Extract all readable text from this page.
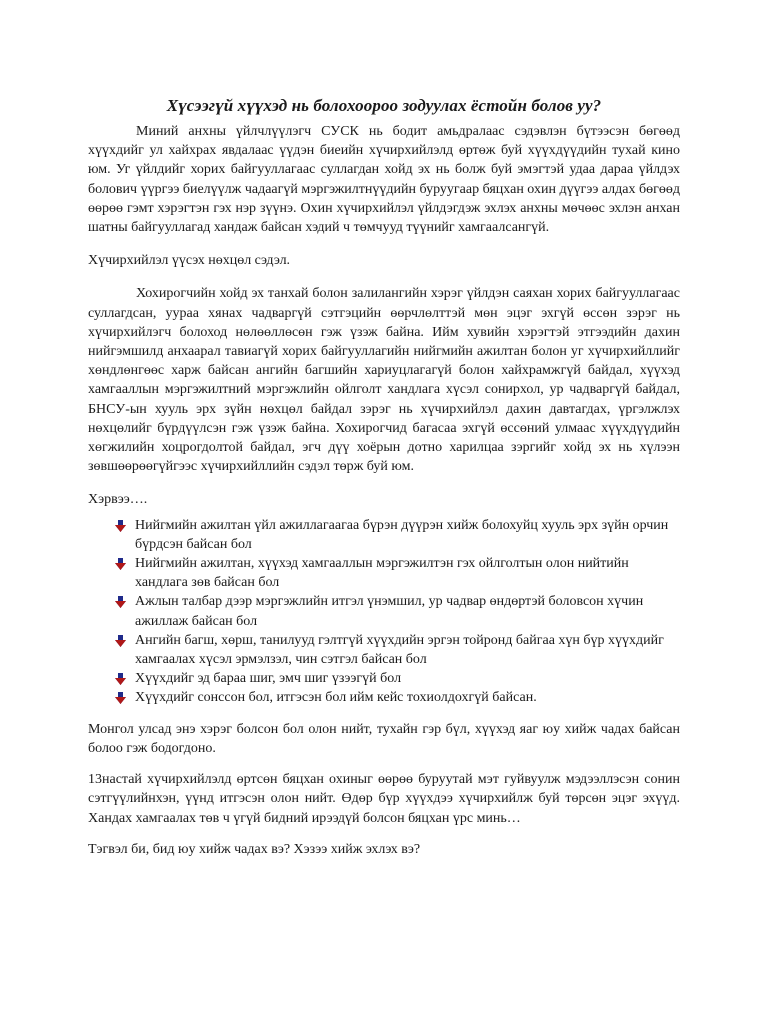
Хүсээгүй хүүхэд нь болохоороо зодуулах ёстойн болов уу?

Миний анхны үйлчлүүлэгч СУСК нь бодит амьдралаас сэдэвлэн бүтээсэн бөгөөд хүүхдийг ул хайхрах явдалаас үүдэн биеийн хүчирхийлэлд өртөж буй хүүхдүүдийн тухай кино юм. Уг үйлдийг хорих байгууллагаас суллагдан хойд эх нь болж буй эмэгтэй удаа дараа үйлдэх болович үүргээ биелүүлж чадаагүй мэргэжилтнүүдийн буруугаар бяцхан охин дүүгээ алдах бөгөөд өөрөө гэмт хэрэгтэн гэх нэр зүүнэ. Охин хүчирхийлэл үйлдэгдэж эхлэх анхны мөчөөс эхлэн анхан шатны байгууллагад хандаж байсан хэдий ч төмчууд түүнийг хамгаалсангүй.

Хүчирхийлэл үүсэх нөхцөл сэдэл.

Хохирогчийн хойд эх танхай болон залилангийн хэрэг үйлдэн саяхан хорих байгууллагаас суллагдсан, уураа хянах чадваргүй сэтгэцийн өөрчлөлттэй мөн эцэг эхгүй өссөн зэрэг нь хүчирхийлэгч болоход нөлөөллөсөн гэж үзэж байна. Ийм хувийн хэрэгтэй этгээдийн дахин нийгэмшилд анхаарал тавиагүй хорих байгууллагийн нийгмийн ажилтан болон уг хүчирхийллийг хөндлөнгөөс харж байсан ангийн багшийн хариуцлагагүй болон хайхрамжгүй байдал, хүүхэд хамгааллын мэргэжилтний мэргэжлийн ойлголт хандлага хүсэл сонирхол, ур чадваргүй байдал, БНСУ-ын хууль эрх зүйн нөхцөл байдал зэрэг нь хүчирхийлэл дахин давтагдах, үргэлжлэх нөхцөлийг бүрдүүлсэн гэж үзэж байна. Хохирогчид багасаа эхгүй өссөний улмаас хүүхдүүдийн хөгжилийн хоцрогдолтой байдал, эгч дүү хоёрын дотно харилцаа зэргийг хойд эх нь хүлээн зөвшөөрөөгүйгээс хүчирхийллийн сэдэл төрж буй юм.

Хэрвээ….

Нийгмийн ажилтан үйл ажиллагаагаа бүрэн дүүрэн хийж болохуйц хууль эрх зүйн орчин бүрдсэн байсан бол
Нийгмийн ажилтан, хүүхэд хамгааллын мэргэжилтэн гэх ойлголтын олон нийтийн хандлага зөв байсан бол
Ажлын талбар дээр мэргэжлийн итгэл үнэмшил, ур чадвар өндөртэй боловсон хүчин ажиллаж байсан бол
Ангийн багш, хөрш, танилууд гэлтгүй хүүхдийн эргэн тойронд байгаа хүн бүр хүүхдийг хамгаалах хүсэл эрмэлзэл, чин сэтгэл байсан бол
Хүүхдийг эд бараа шиг, эмч шиг үзээгүй бол
Хүүхдийг сонссон бол, итгэсэн бол ийм кейс тохиолдохгүй байсан.

Монгол улсад энэ хэрэг болсон бол олон нийт, тухайн гэр бүл, хүүхэд яаг юу хийж чадах байсан болоо гэж бодогдоно.

13настай хүчирхийлэлд өртсөн бяцхан охиныг өөрөө буруутай мэт гуйвуулж мэдээллэсэн сонин сэтгүүлийнхэн, үүнд итгэсэн олон нийт. Өдөр бүр хүүхдээ хүчирхийлж буй төрсөн эцэг эхүүд. Хандах хамгаалах төв ч үгүй бидний ирээдүй болсон бяцхан үрс минь…

Тэгвэл би, бид юу хийж чадах вэ? Хэзээ хийж эхлэх вэ?
